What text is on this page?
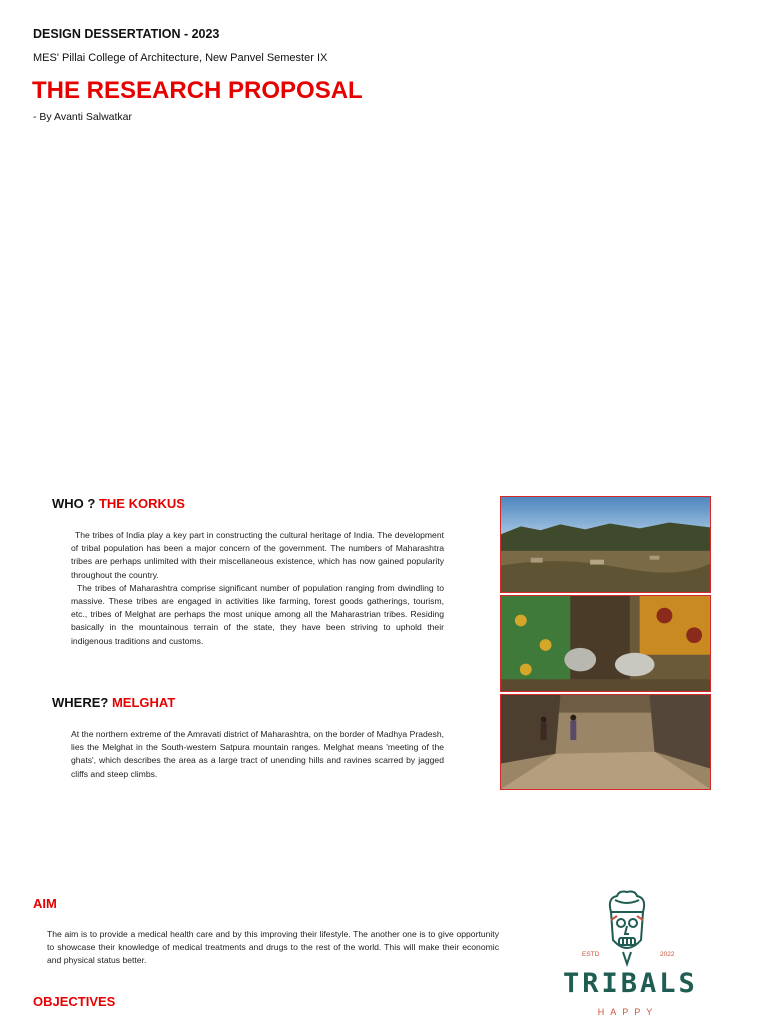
DESIGN DESSERTATION - 2023
MES' Pillai College of Architecture, New Panvel Semester IX
THE RESEARCH PROPOSAL
- By Avanti Salwatkar
WHO ? THE KORKUS
The tribes of India play a key part in constructing the cultural heritage of India. The development of tribal population has been a major concern of the government. The numbers of Maharashtra tribes are perhaps unlimited with their miscellaneous existence, which has now gained popularity throughout the country.
The tribes of Maharashtra comprise significant number of population ranging from dwindling to massive. These tribes are engaged in activities like farming, forest goods gatherings, tourism, etc., tribes of Melghat are perhaps the most unique among all the Maharastrian tribes. Residing basically in the mountainous terrain of the state, they have been striving to uphold their indigenous traditions and customs.
WHERE? MELGHAT
At the northern extreme of the Amravati district of Maharashtra, on the border of Madhya Pradesh, lies the Melghat in the South-western Satpura mountain ranges. Melghat means 'meeting of the ghats', which describes the area as a large tract of unending hills and ravines scarred by jagged cliffs and steep climbs.
AIM
The aim is to provide a medical health care and by this improving their lifestyle. The another one is to give opportunity to showcase their knowledge of medical treatments and drugs to the rest of the world. This will make their economic and physical status better.
OBJECTIVES
ESTD	2022
TRIBALS
HAPPY
